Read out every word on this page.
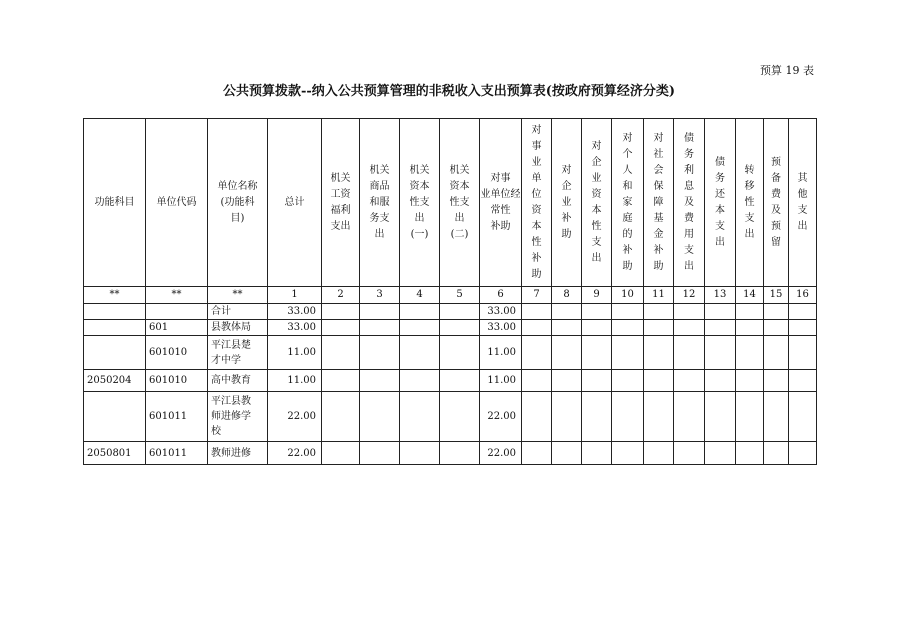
预算 19 表
公共预算拨款--纳入公共预算管理的非税收入支出预算表(按政府预算经济分类)
功能科目	单位代码	单位名称
(功能科
目)	总计	机关
工资
福利
支出	机关
商品
和服
务支
出	机关
资本
性支
出
(一)	机关
资本
性支
出
(二)	对事
业单位经
常性
补助	对事业单位资本性补助	对企业补助	对企业资本性支出	对个人和家庭的补助	对社会保障基金补助	债务利息及费用支出	债务还本支出	转移性支出	预备费及预留	其他支出
**	**	**	1	2	3	4	5	6	7	8	9	10	11	12	13	14	15	16
		合计	33.00					33.00										
	601	县教体局	33.00					33.00										
	601010	平江县楚
才中学	11.00					11.00										
2050204	601010	高中教育	11.00					11.00										
	601011	平江县教
师进修学
校	22.00					22.00										
2050801	601011	教师进修	22.00					22.00										
